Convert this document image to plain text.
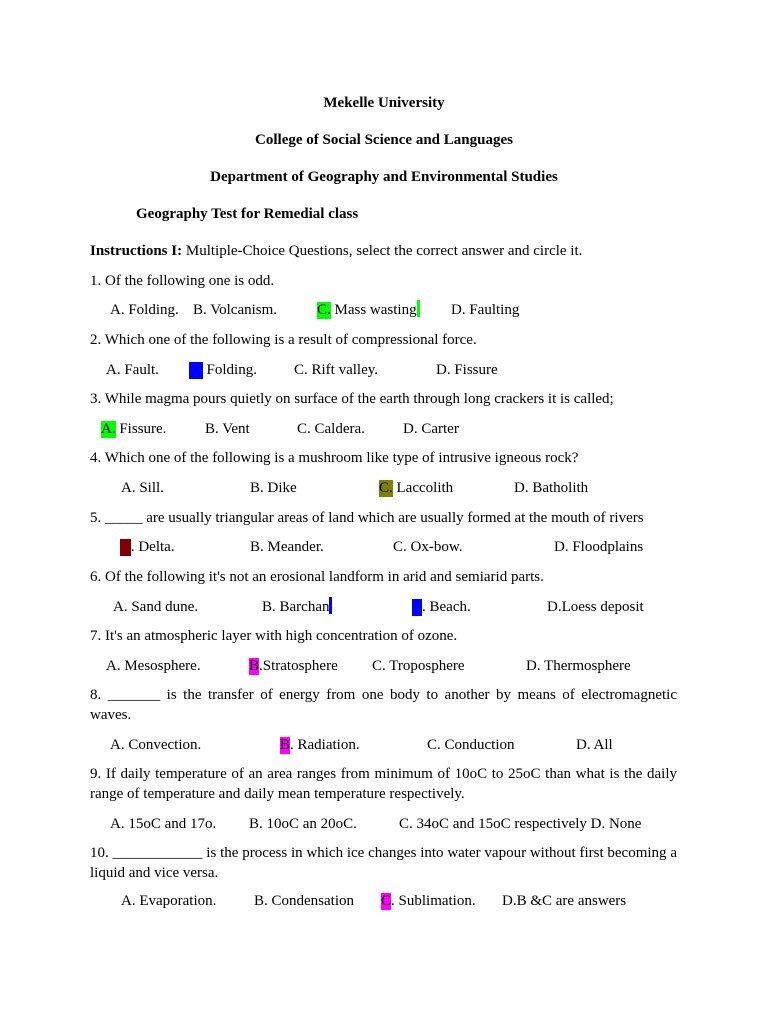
Mekelle University
College of Social Science and Languages
Department of Geography and Environmental Studies
Geography Test for Remedial class
Instructions I: Multiple-Choice Questions, select the correct answer and circle it.
1. Of the following one is odd.
A. Folding. B. Volcanism.	C. Mass wasting D. Faulting
2. Which one of the following is a result of compressional force.
A. Fault. B. Folding. C. Rift valley.	D. Fissure
3. While magma pours quietly on surface of the earth through long crackers it is called;
A. Fissure.	B. Vent	C. Caldera.	D. Carter
4. Which one of the following is a mushroom like type of intrusive igneous rock?
A. Sill.	B. Dike	C. Laccolith	D. Batholith
5. _____ are usually triangular areas of land which are usually formed at the mouth of rivers
A. Delta.	B. Meander.	C. Ox-bow.	D. Floodplains
6. Of the following it's not an erosional landform in arid and semiarid parts.
A. Sand dune.	B. Barchan	C. Beach.	D.Loess deposit
7. It's an atmospheric layer with high concentration of ozone.
A. Mesosphere.	B.Stratosphere C. Troposphere	D. Thermosphere
8. _______ is the transfer of energy from one body to another by means of electromagnetic waves.
A. Convection.	B. Radiation.	C. Conduction	D. All
9. If daily temperature of an area ranges from minimum of 10oC to 25oC than what is the daily range of temperature and daily mean temperature respectively.
A. 15oC and 17o. B. 10oC an 20oC.	C. 34oC and 15oC respectively D. None
10. ____________ is the process in which ice changes into water vapour without first becoming a liquid and vice versa.
A. Evaporation.	B. Condensation C. Sublimation. D.B &C are answers
